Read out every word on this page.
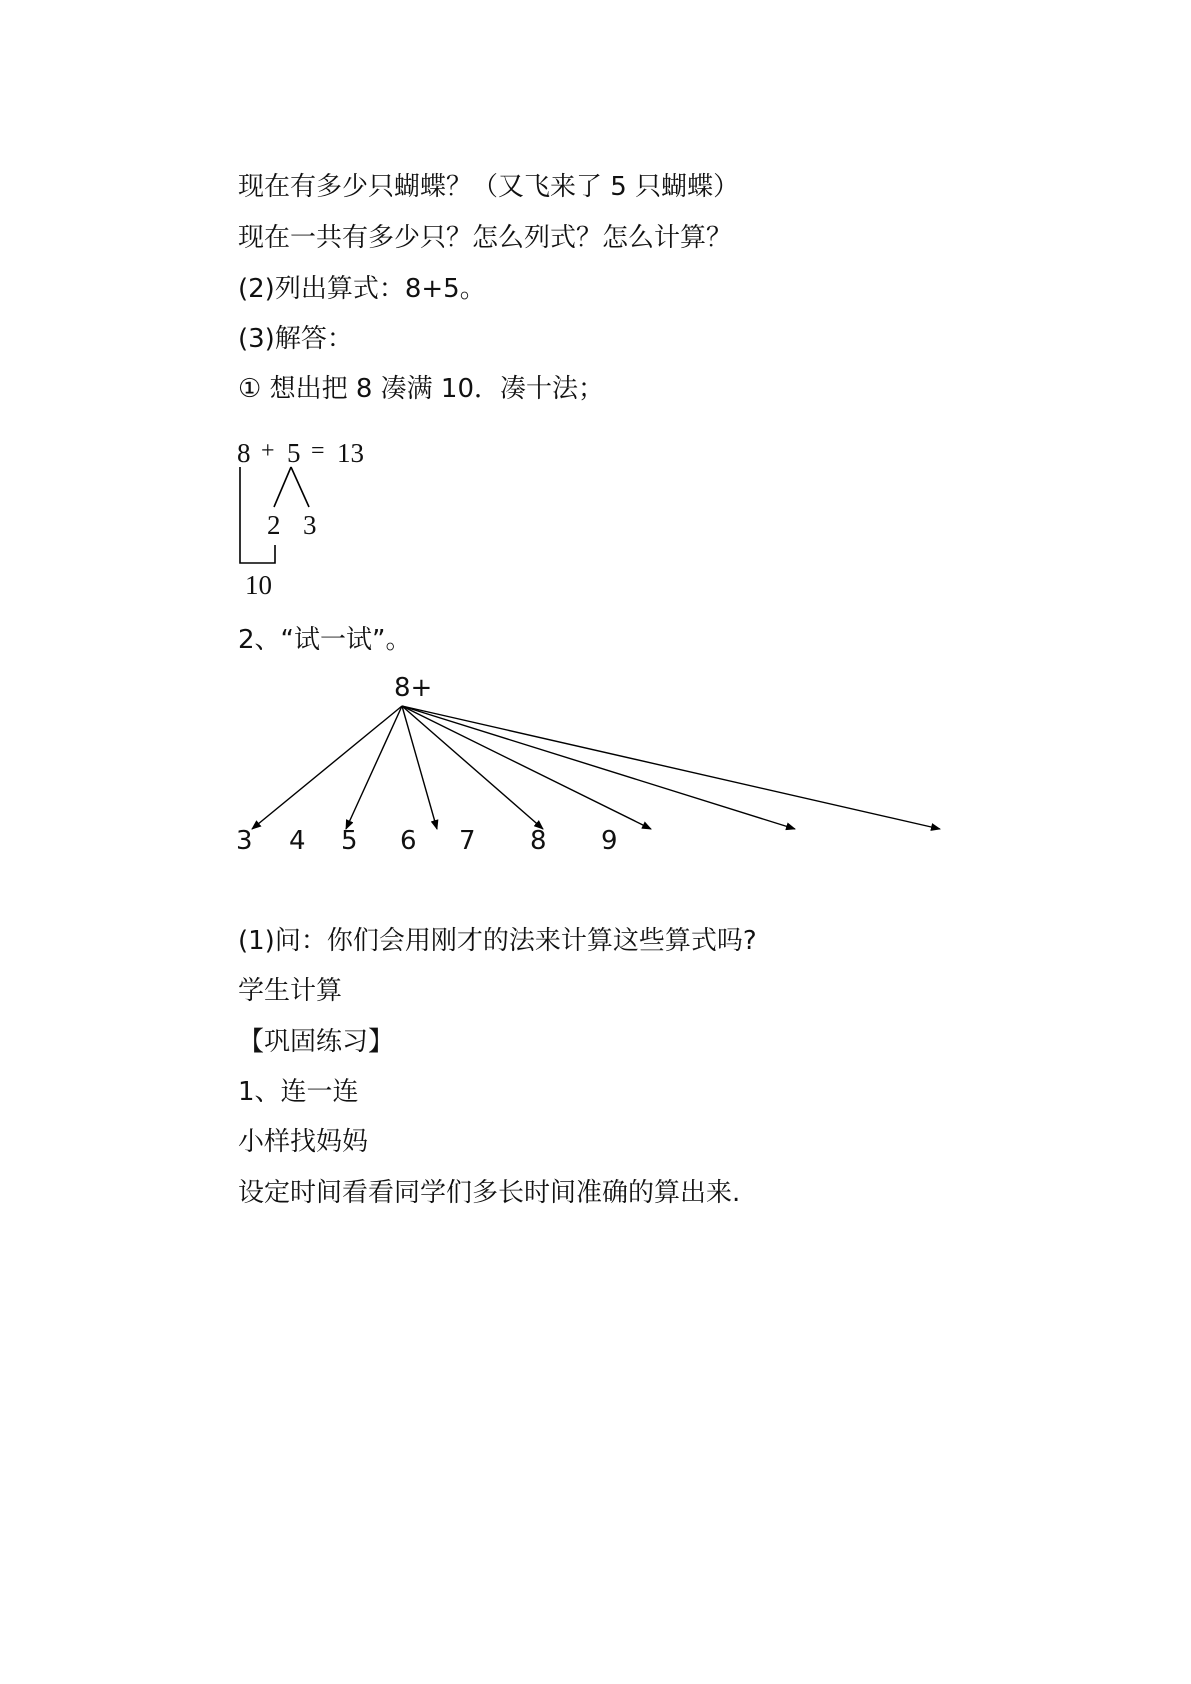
现在有多少只蝴蝶？（又飞来了 5 只蝴蝶）
现在一共有多少只？怎么列式？怎么计算？
(2)列出算式：8+5。
(3)解答：
① 想出把 8 凑满 10．凑十法；
8 + 5 = 13
2 3
10
2、“试一试”。
8+
3 4 5 6 7 8 9
(1)问：你们会用刚才的法来计算这些算式吗?
学生计算
【巩固练习】
1、连一连
小样找妈妈
设定时间看看同学们多长时间准确的算出来.
